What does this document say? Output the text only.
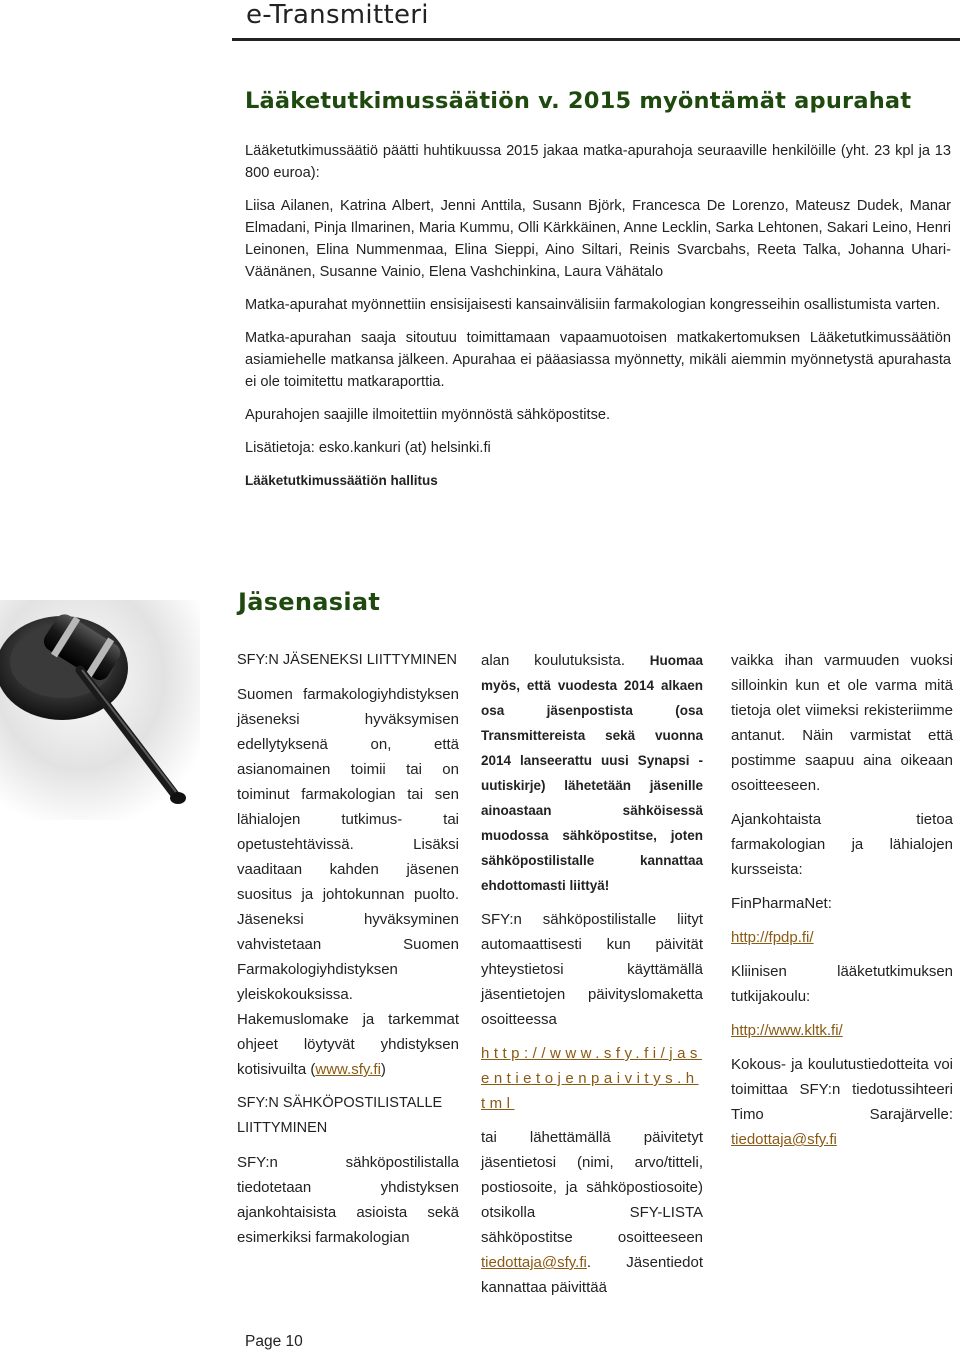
e-Transmitteri
Lääketutkimussäätiön v. 2015 myöntämät apurahat

Lääketutkimussäätiö päätti huhtikuussa 2015 jakaa matka-apurahoja seuraaville henkilöille (yht. 23 kpl ja 13 800 euroa):

Liisa Ailanen, Katrina Albert, Jenni Anttila, Susann Björk, Francesca De Lorenzo, Mateusz Dudek, Manar Elmadani, Pinja Ilmarinen, Maria Kummu, Olli Kärkkäinen, Anne Lecklin, Sarka Lehtonen, Sakari Leino, Henri Leinonen, Elina Nummenmaa, Elina Sieppi, Aino Siltari, Reinis Svarcbahs, Reeta Talka, Johanna Uhari-Väänänen, Susanne Vainio, Elena Vashchinkina, Laura Vähätalo

Matka-apurahat myönnettiin ensisijaisesti kansainvälisiin farmakologian kongresseihin osallistumista varten.

Matka-apurahan saaja sitoutuu toimittamaan vapaamuotoisen matkakertomuksen Lääketutkimussäätiön asiamiehelle matkansa jälkeen. Apurahaa ei pääasiassa myönnetty, mikäli aiemmin myönnetystä apurahasta ei ole toimitettu matkaraporttia.

Apurahojen saajille ilmoitettiin myönnöstä sähköpostitse.

Lisätietoja: esko.kankuri (at) helsinki.fi

Lääketutkimussäätiön hallitus

Jäsenasiat

SFY:N JÄSENEKSI LIITTYMINEN

Suomen farmakologiyhdistyksen jäseneksi hyväksymisen edellytyksenä on, että asianomainen toimii tai on toiminut farmakologian tai sen lähialojen tutkimus- tai opetustehtävissä. Lisäksi vaaditaan kahden jäsenen suositus ja johtokunnan puolto. Jäseneksi hyväksyminen vahvistetaan Suomen Farmakologiyhdistyksen yleiskokouksissa. Hakemuslomake ja tarkemmat ohjeet löytyvät yhdistyksen kotisivuilta (www.sfy.fi)

SFY:N SÄHKÖPOSTILISTALLE LIITTYMINEN

SFY:n sähköpostilistalla tiedotetaan yhdistyksen ajankohtaisista asioista sekä esimerkiksi farmakologian

alan koulutuksista. Huomaa myös, että vuodesta 2014 alkaen osa jäsenpostista (osa Transmittereista sekä vuonna 2014 lanseerattu uusi Synapsi -uutiskirje) lähetetään jäsenille ainoastaan sähköisessä muodossa sähköpostitse, joten sähköpostilistalle kannattaa ehdottomasti liittyä!

SFY:n sähköpostilistalle liityt automaattisesti kun päivität yhteystietosi käyttämällä jäsentietojen päivityslomaketta osoitteessa

http://www.sfy.fi/jasentietojenpaivitys.html

tai lähettämällä päivitetyt jäsentietosi (nimi, arvo/titteli, postiosoite, ja sähköpostiosoite) otsikolla SFY-LISTA sähköpostitse osoitteeseen tiedottaja@sfy.fi. Jäsentiedot kannattaa päivittää

vaikka ihan varmuuden vuoksi silloinkin kun et ole varma mitä tietoja olet viimeksi rekisteriimme antanut. Näin varmistat että postimme saapuu aina oikeaan osoitteeseen.

Ajankohtaista tietoa farmakologian ja lähialojen kursseista:

FinPharmaNet:

http://fpdp.fi/

Kliinisen lääketutkimuksen tutkijakoulu:

http://www.kltk.fi/

Kokous- ja koulutustiedotteita voi toimittaa SFY:n tiedotussihteeri Timo Sarajärvelle: tiedottaja@sfy.fi

Page 10
